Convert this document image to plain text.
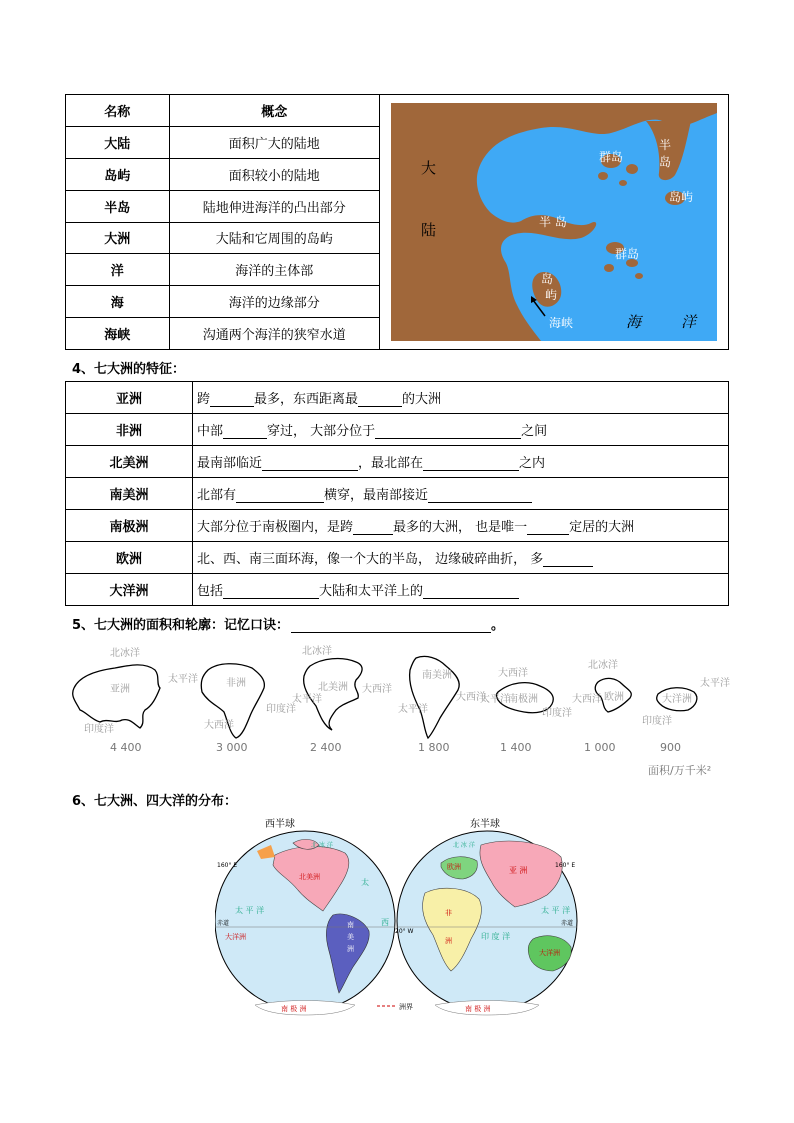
名称	概念
大陆	面积广大的陆地
岛屿	面积较小的陆地
半岛	陆地伸进海洋的凸出部分
大洲	大陆和它周围的岛屿
洋	海洋的主体部
海	海洋的边缘部分
海峡	沟通两个海洋的狭窄水道
大
陆
群岛
半
岛
岛屿
半 岛
群岛
岛
屿
海峡	海	洋
4、七大洲的特征：
亚洲	跨 最多，东西距离最 的大洲
非洲	中部 穿过， 大部分位于 之间
北美洲	最南部临近 ，最北部在 之内
南美洲	北部有 横穿，最南部接近
南极洲	大部分位于南极圈内，是跨 最多的大洲， 也是唯一 定居的大洲
欧洲	北、西、南三面环海，像一个大的半岛， 边缘破碎曲折， 多
大洋洲	包括 大陆和太平洋上的
5、七大洲的面积和轮廓：记忆口诀：	。
北冰洋
亚洲
太平洋
印度洋
非洲
大西洋
印度洋
北冰洋
太平洋
北美洲 大西洋
南美洲
太平洋
大西洋
大西洋
太平洋
南极洲
印度洋
北冰洋
大西洋 欧洲	大洋洲
太平洋
印度洋
4 400	3 000	2 400	1 800	1 400	1 000	900
面积/万千米²
6、七大洲、四大洋的分布：
西半球
160° E
赤道
北美洲
南
美
洲
大洋洲
南 极 洲
太 平 洋
太
西
北 冰 洋
东半球
160° E
赤道
20° W
欧洲	亚 洲
非
洲
大洋洲
南 极 洲
印 度 洋
太 平 洋
北 冰 洋
洲界
